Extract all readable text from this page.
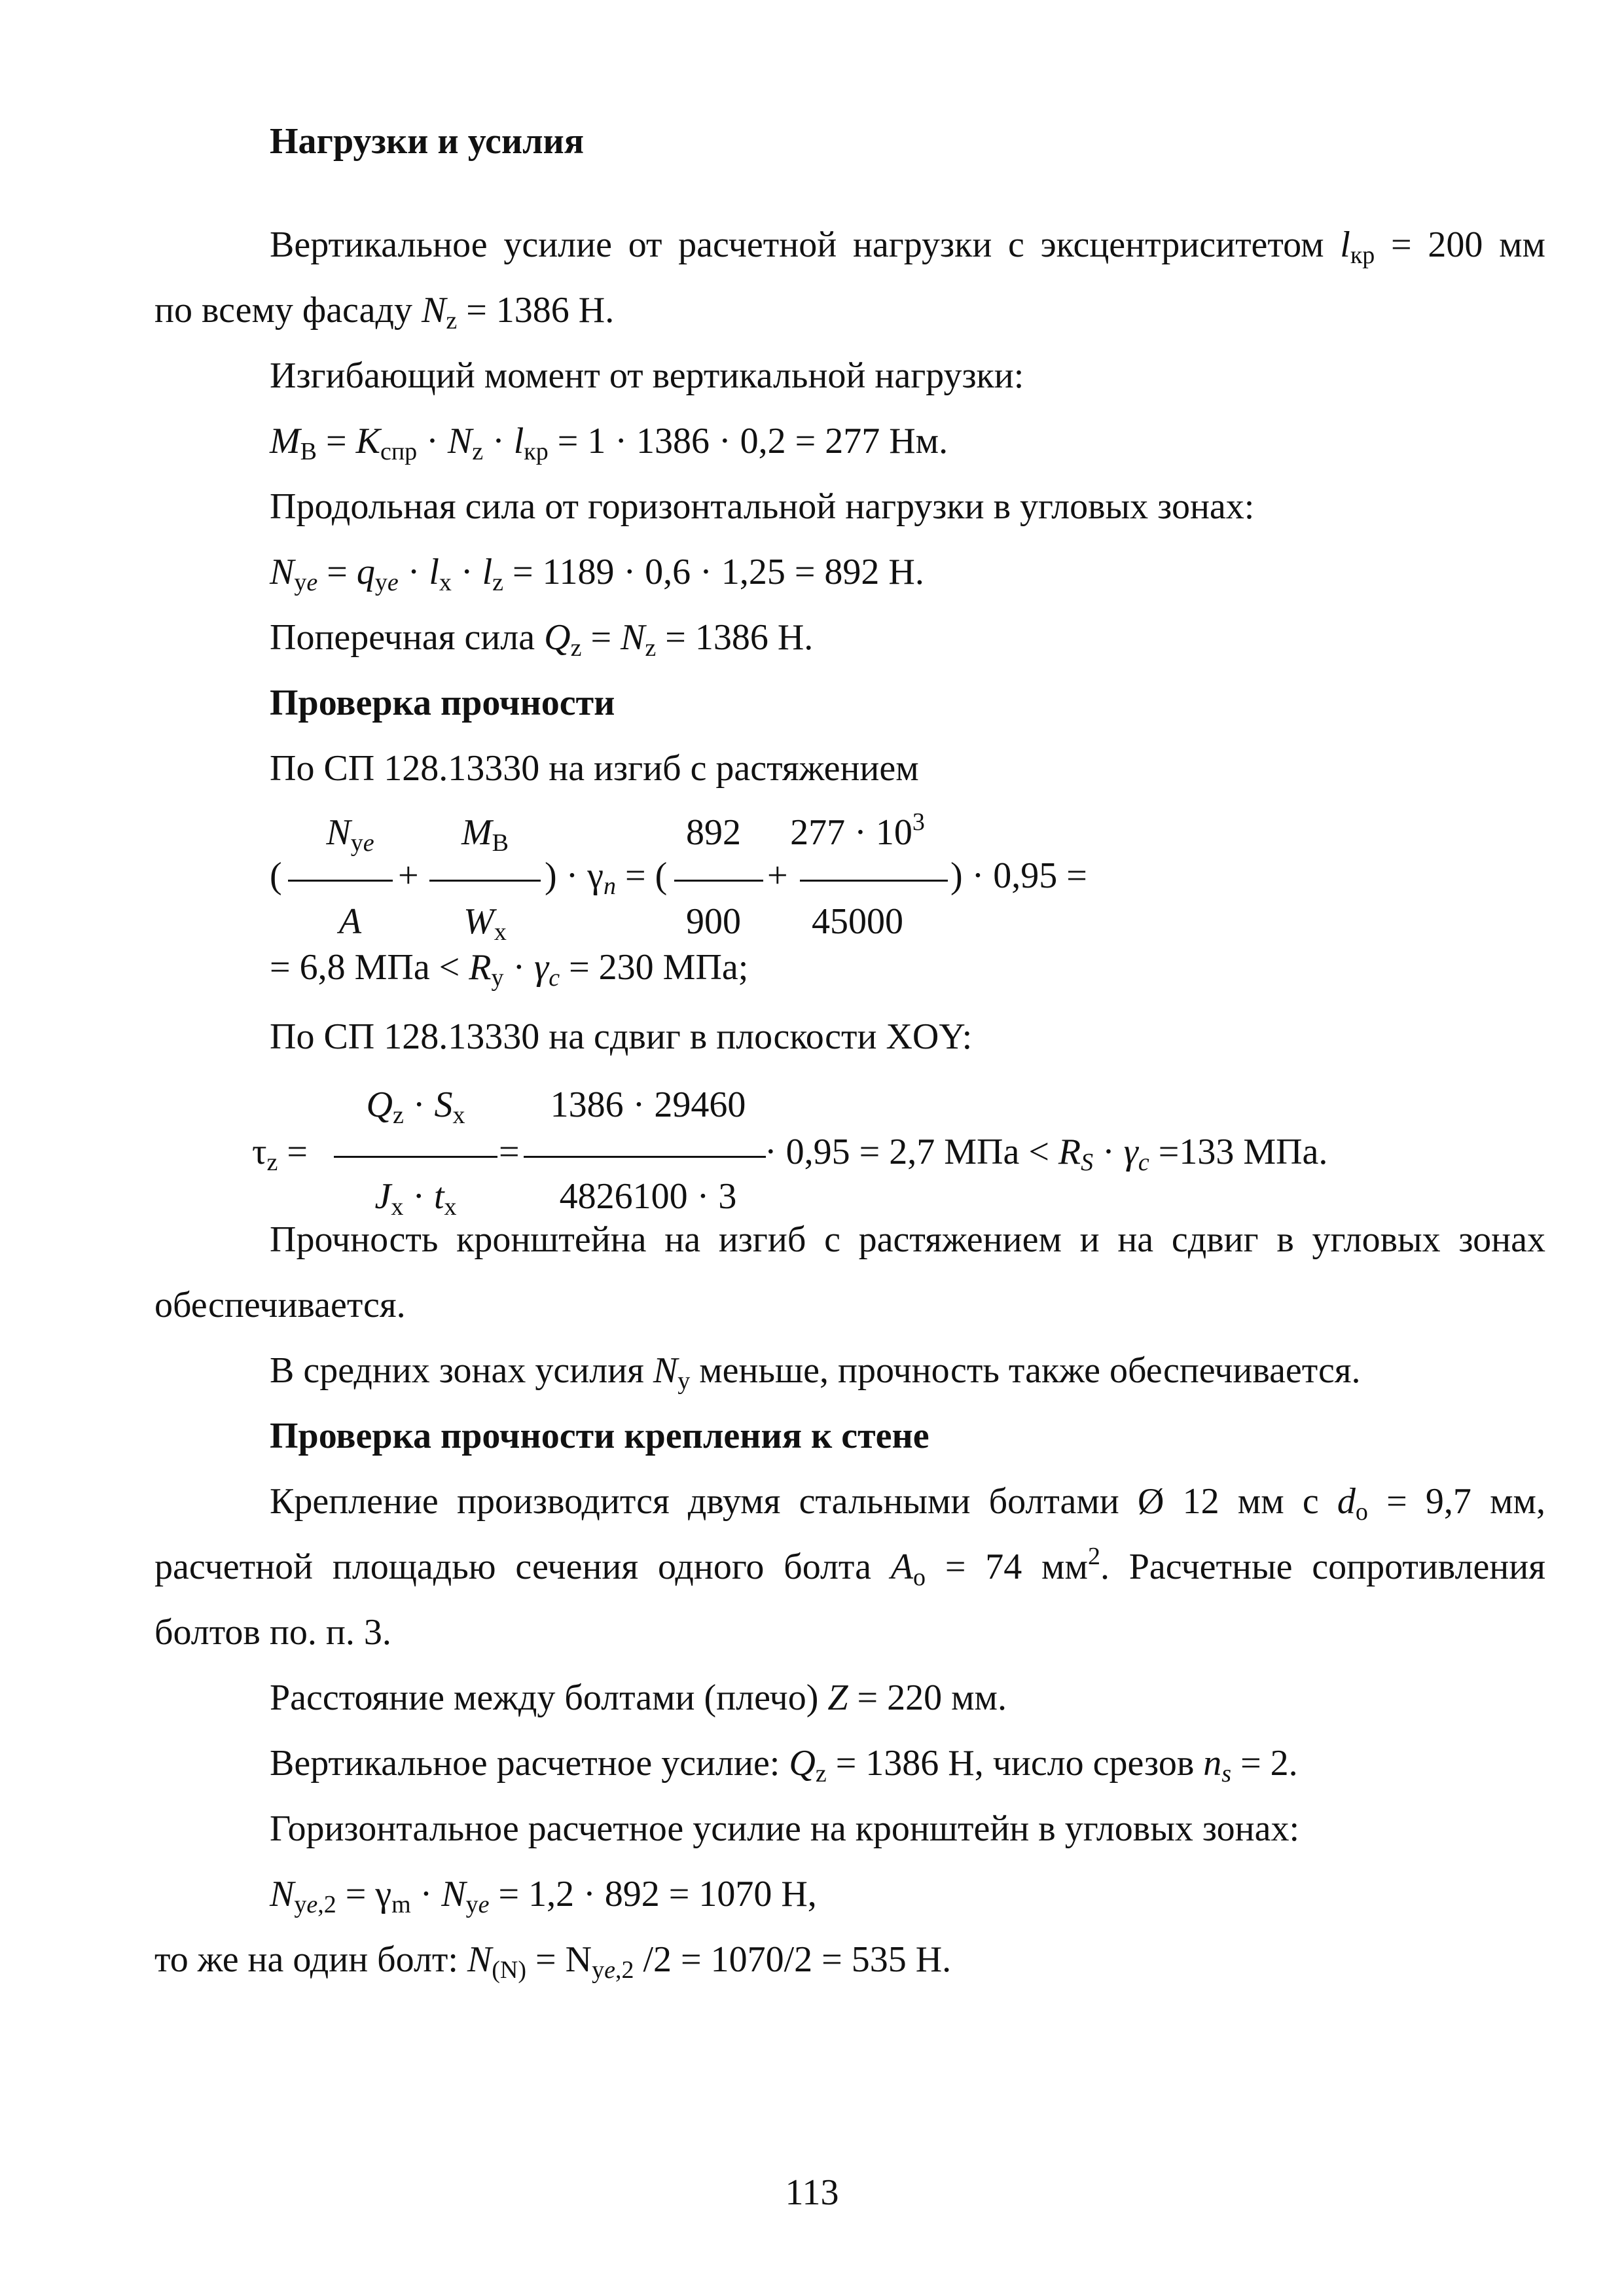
Нагрузки и усилия
Вертикальное усилие от расчетной нагрузки с эксцентриситетом $l_{кр} = 200$ мм
по всему фасаду $N_z = 1386$ Н.
Изгибающий момент от вертикальной нагрузки:
$M_В = K_{спр} \cdot N_z \cdot l_{кр} = 1 \cdot 1386 \cdot 0,2 = 277$ Нм.
Продольная сила от горизонтальной нагрузки в угловых зонах:
$N_{ye} = q_{ye} \cdot l_x \cdot l_z = 1189 \cdot 0,6 \cdot 1,25 = 892$ Н.
Поперечная сила $Q_z = N_z = 1386$ Н.
Проверка прочности
По СП 128.13330 на изгиб с растяжением
$N_{ye}$	$M_В$	892	$277 \cdot 10^3$
(	+	) · $\gamma_n$ = (	+	) · 0,95 =
A	$W_x$	900	45000
= 6,8 МПа < $R_y \cdot \gamma_c = 230$ МПа;
По СП 128.13330 на сдвиг в плоскости XOY:
$Q_z \cdot S_x$	1386 · 29460
$\tau_z$ =	=	· 0,95 = 2,7 МПа < $R_S \cdot \gamma_c =133$ МПа.
$J_x \cdot t_x$	4826100 · 3
Прочность кронштейна на изгиб с растяжением и на сдвиг в угловых зонах
обеспечивается.
В средних зонах усилия $N_y$ меньше, прочность также обеспечивается.
Проверка прочности крепления к стене
Крепление производится двумя стальными болтами Ø 12 мм с $d_o = 9,7$ мм,
расчетной площадью сечения одного болта $A_o = 74$ $мм^2$. Расчетные сопротивления
болтов по. п. 3.
Расстояние между болтами (плечо) Z = 220 мм.
Вертикальное расчетное усилие: $Q_z = 1386$ Н, число срезов $n_s = 2$.
Горизонтальное расчетное усилие на кронштейн в угловых зонах:
$N_{ye,2} = \gamma_m \cdot N_{ye} = 1,2 \cdot 892 = 1070$ Н,
то же на один болт: $N_{(N)} = N_{ye,2}$ /2 = 1070/2 = 535 Н.
113
